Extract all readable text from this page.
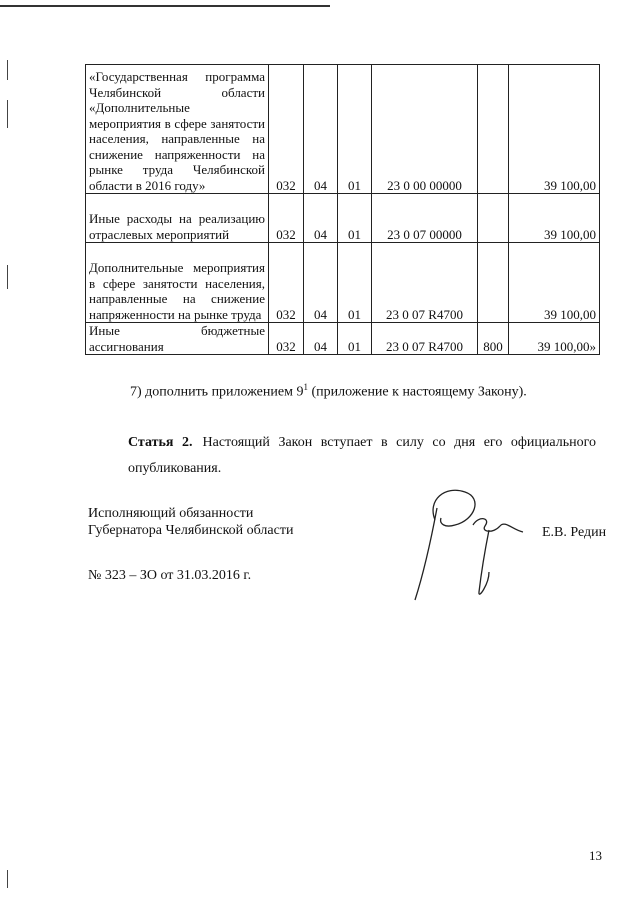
«Государственная программа Челябинской области «Дополнительные мероприятия в сфере занятости населения, направленные на снижение напряженности на рынке труда Челябинской области в 2016 году»	032	04	01	23 0 00 00000		39 100,00
Иные расходы на реализацию отраслевых мероприятий	032	04	01	23 0 07 00000		39 100,00
Дополнительные мероприятия в сфере занятости населения, направленные на снижение напряженности на рынке труда	032	04	01	23 0 07 R4700		39 100,00
Иные бюджетные ассигнования	032	04	01	23 0 07 R4700	800	39 100,00»
7) дополнить приложением $9^1$ (приложение к настоящему Закону).
Статья 2. Настоящий Закон вступает в силу со дня его официального опубликования.
Исполняющий обязанности
Губернатора Челябинской области	Е.В. Редин
№ 323 – ЗО от 31.03.2016 г.
13
